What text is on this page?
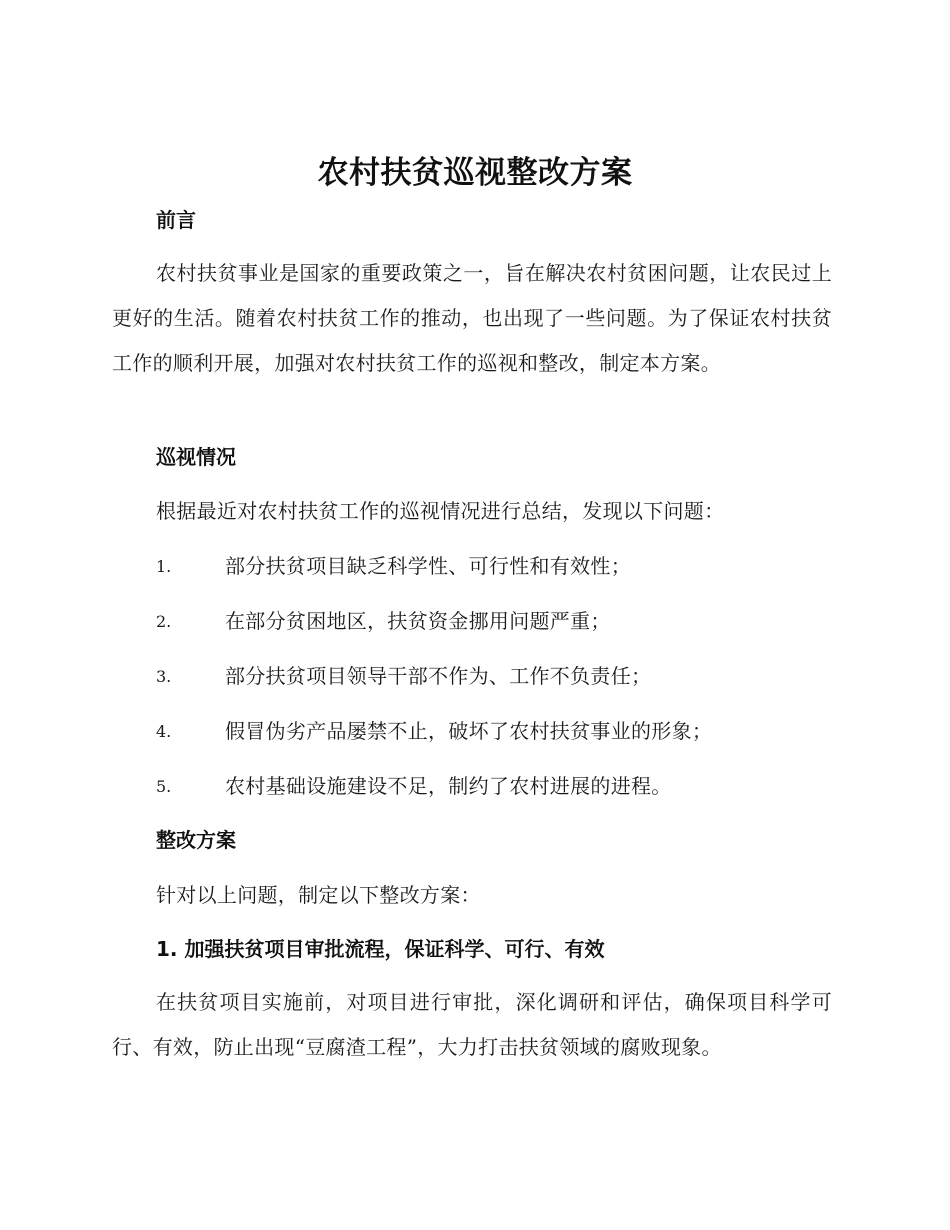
农村扶贫巡视整改方案
前言
农村扶贫事业是国家的重要政策之一，旨在解决农村贫困问题，让农民过上更好的生活。随着农村扶贫工作的推动，也出现了一些问题。为了保证农村扶贫工作的顺利开展，加强对农村扶贫工作的巡视和整改，制定本方案。
巡视情况
根据最近对农村扶贫工作的巡视情况进行总结，发现以下问题：
1.	部分扶贫项目缺乏科学性、可行性和有效性；
2.	在部分贫困地区，扶贫资金挪用问题严重；
3.	部分扶贫项目领导干部不作为、工作不负责任；
4.	假冒伪劣产品屡禁不止，破坏了农村扶贫事业的形象；
5.	农村基础设施建设不足，制约了农村进展的进程。
整改方案
针对以上问题，制定以下整改方案：
1. 加强扶贫项目审批流程，保证科学、可行、有效
在扶贫项目实施前，对项目进行审批，深化调研和评估，确保项目科学可行、有效，防止出现“豆腐渣工程”，大力打击扶贫领域的腐败现象。
